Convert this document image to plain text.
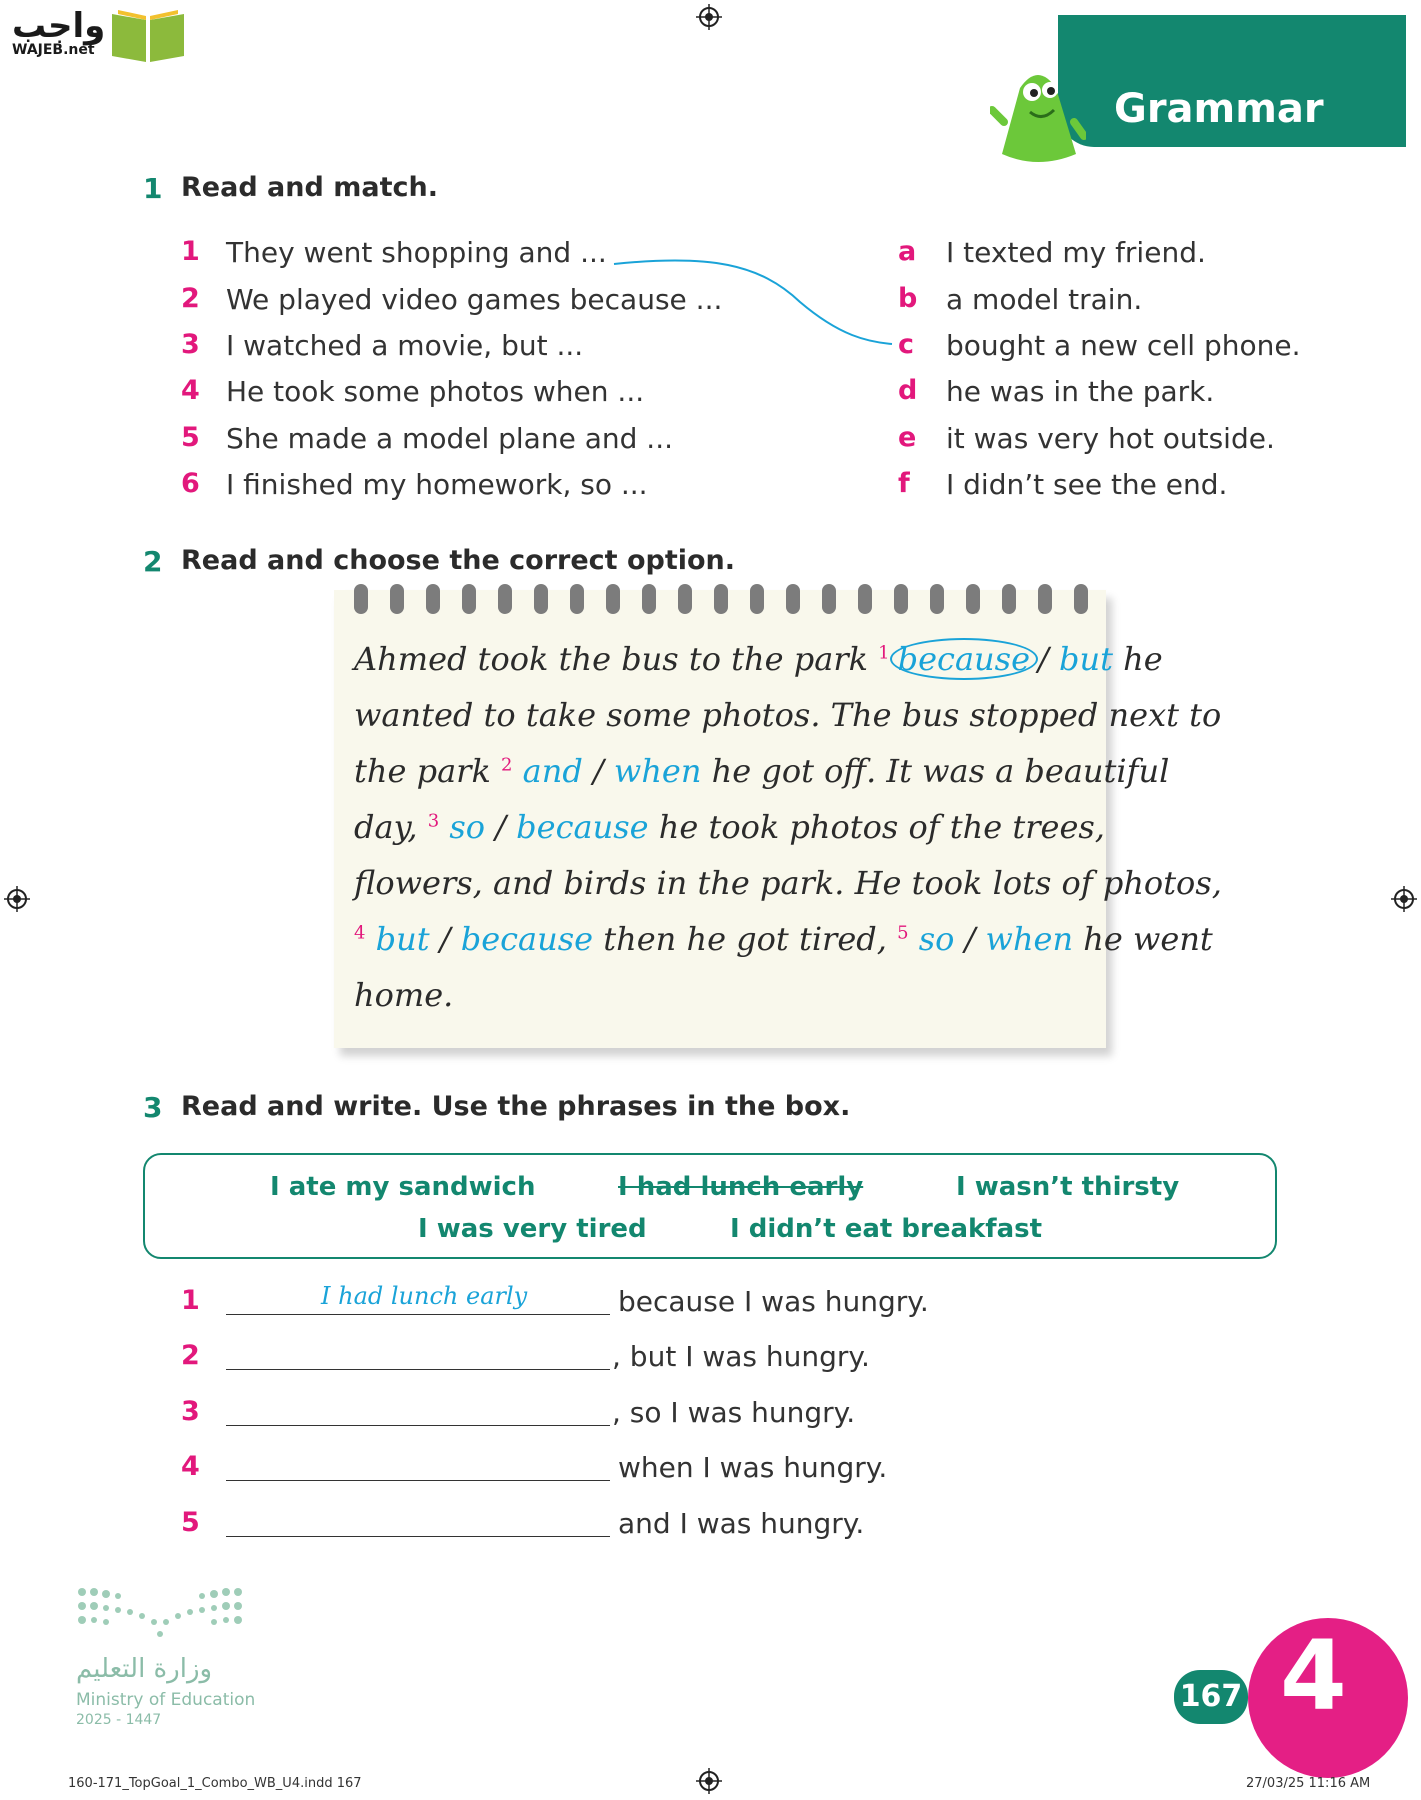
واجب
WAJEB.net
Grammar
1 Read and match.
1 They went shopping and ...
2 We played video games because ...
3 I watched a movie, but ...
4 He took some photos when ...
5 She made a model plane and ...
6 I finished my homework, so ...
a I texted my friend.
b a model train.
c bought a new cell phone.
d he was in the park.
e it was very hot outside.
f I didn’t see the end.
2 Read and choose the correct option.
Ahmed took the bus to the park $^1$ because / but he
wanted to take some photos. The bus stopped next to
the park $^2$ and / when he got off. It was a beautiful
day, $^3$ so / because he took photos of the trees,
flowers, and birds in the park. He took lots of photos,
$^4$ but / because then he got tired, $^5$ so / when he went
home.
3 Read and write. Use the phrases in the box.
I ate my sandwich	I had lunch early	I wasn’t thirsty
I was very tired	I didn’t eat breakfast
1	I had lunch early	because I was hungry.
2	, but I was hungry.
3	, so I was hungry.
4	when I was hungry.
5	and I was hungry.
وزارة التعليم
Ministry of Education
2025 - 1447
167 4
160-171_TopGoal_1_Combo_WB_U4.indd 167	27/03/25 11:16 AM
